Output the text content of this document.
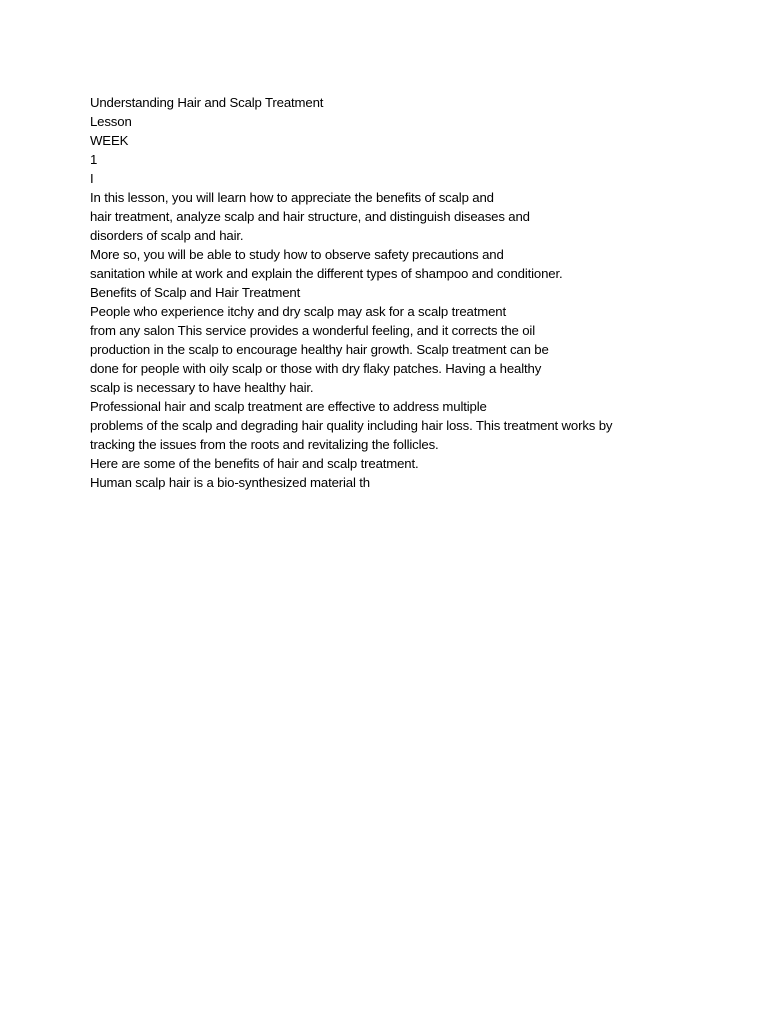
Understanding Hair and Scalp Treatment
Lesson
WEEK
1
I
In this lesson, you will learn how to appreciate the benefits of scalp and
hair treatment, analyze scalp and hair structure, and distinguish diseases and
disorders of scalp and hair.
More so, you will be able to study how to observe safety precautions and
sanitation while at work and explain the different types of shampoo and conditioner.
Benefits of Scalp and Hair Treatment
People who experience itchy and dry scalp may ask for a scalp treatment
from any salon This service provides a wonderful feeling, and it corrects the oil
production in the scalp to encourage healthy hair growth. Scalp treatment can be
done for people with oily scalp or those with dry flaky patches. Having a healthy
scalp is necessary to have healthy hair.
Professional hair and scalp treatment are effective to address multiple
problems of the scalp and degrading hair quality including hair loss. This treatment works by
tracking the issues from the roots and revitalizing the follicles.
Here are some of the benefits of hair and scalp treatment.
Human scalp hair is a bio-synthesized material th
